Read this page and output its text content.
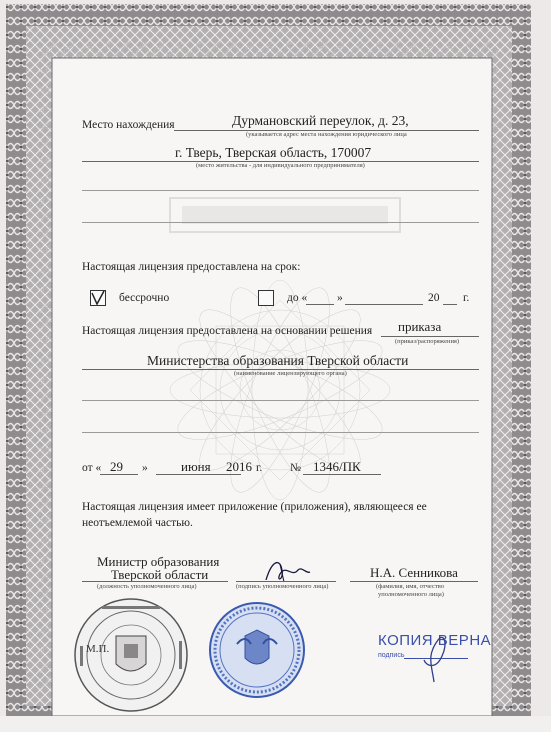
Место нахождения	Дурмановский переулок, д. 23,
(указывается адрес места нахождения юридического лица
г. Тверь, Тверская область, 170007
(место жительства - для индивидуального предпринимателя)
Настоящая лицензия предоставлена на срок:
бессрочно	до «	»	20 г.
Настоящая лицензия предоставлена на основании решения приказа
(приказ/распоряжения)
Министерства образования Тверской области
(наименование лицензирующего органа)
от « 29 »	июня 2016 г. № 1346/ПК
Настоящая лицензия имеет приложение (приложения), являющееся ее
неотъемлемой частью.
Министр образования
Тверской области
(должность уполномоченного лица)	(подпись уполномоченного лица)
Н.А. Сенникова
(фамилия, имя, отчество
уполномоченного лица)
М.П.	КОПИЯ ВЕРНА
подпись
